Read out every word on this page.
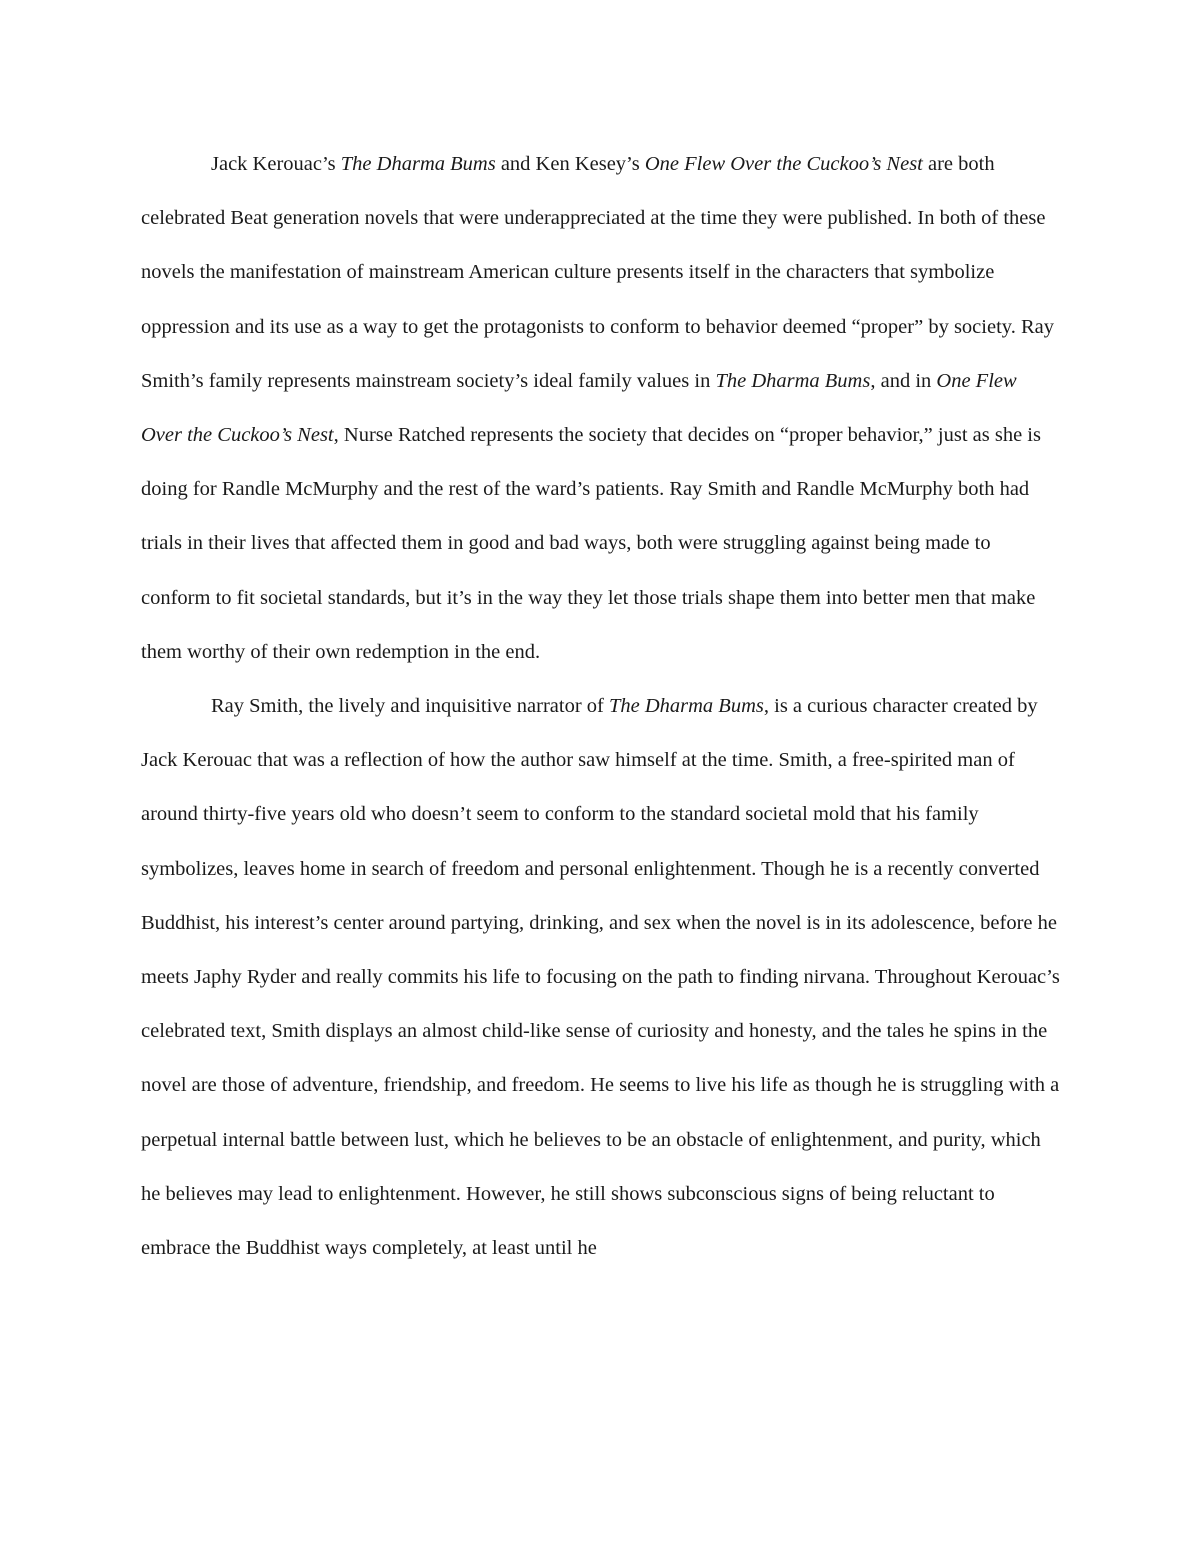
Jack Kerouac’s The Dharma Bums and Ken Kesey’s One Flew Over the Cuckoo’s Nest are both celebrated Beat generation novels that were underappreciated at the time they were published. In both of these novels the manifestation of mainstream American culture presents itself in the characters that symbolize oppression and its use as a way to get the protagonists to conform to behavior deemed “proper” by society. Ray Smith’s family represents mainstream society’s ideal family values in The Dharma Bums, and in One Flew Over the Cuckoo’s Nest, Nurse Ratched represents the society that decides on “proper behavior,” just as she is doing for Randle McMurphy and the rest of the ward’s patients. Ray Smith and Randle McMurphy both had trials in their lives that affected them in good and bad ways, both were struggling against being made to conform to fit societal standards, but it’s in the way they let those trials shape them into better men that make them worthy of their own redemption in the end.

Ray Smith, the lively and inquisitive narrator of The Dharma Bums, is a curious character created by Jack Kerouac that was a reflection of how the author saw himself at the time. Smith, a free-spirited man of around thirty-five years old who doesn’t seem to conform to the standard societal mold that his family symbolizes, leaves home in search of freedom and personal enlightenment. Though he is a recently converted Buddhist, his interest’s center around partying, drinking, and sex when the novel is in its adolescence, before he meets Japhy Ryder and really commits his life to focusing on the path to finding nirvana. Throughout Kerouac’s celebrated text, Smith displays an almost child-like sense of curiosity and honesty, and the tales he spins in the novel are those of adventure, friendship, and freedom. He seems to live his life as though he is struggling with a perpetual internal battle between lust, which he believes to be an obstacle of enlightenment, and purity, which he believes may lead to enlightenment. However, he still shows subconscious signs of being reluctant to embrace the Buddhist ways completely, at least until he
